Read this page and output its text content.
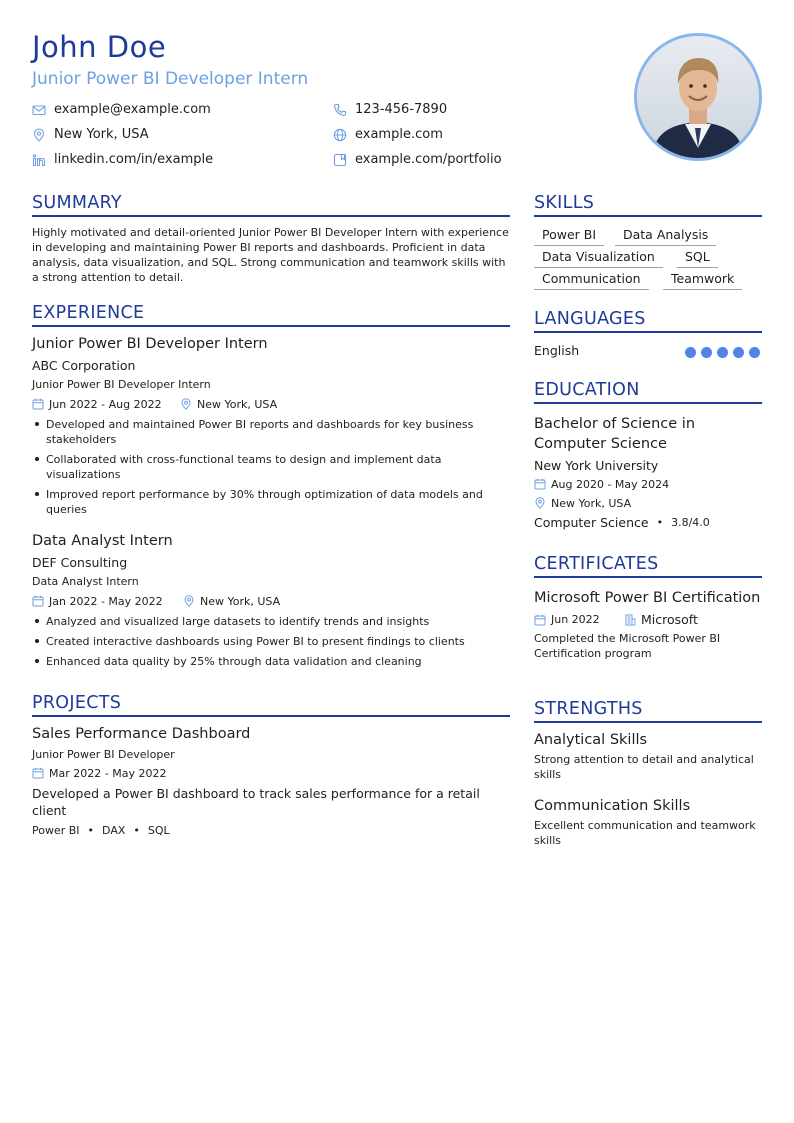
John Doe
Junior Power BI Developer Intern
example@example.com	123-456-7890
New York, USA	example.com
linkedin.com/in/example	example.com/portfolio
SUMMARY
Highly motivated and detail-oriented Junior Power BI Developer Intern with experience in developing and maintaining Power BI reports and dashboards. Proficient in data analysis, data visualization, and SQL. Strong communication and teamwork skills with a strong attention to detail.
EXPERIENCE
Junior Power BI Developer Intern
ABC Corporation
Junior Power BI Developer Intern
Jun 2022 - Aug 2022	New York, USA
Developed and maintained Power BI reports and dashboards for key business stakeholders
Collaborated with cross-functional teams to design and implement data visualizations
Improved report performance by 30% through optimization of data models and queries
Data Analyst Intern
DEF Consulting
Data Analyst Intern
Jan 2022 - May 2022	New York, USA
Analyzed and visualized large datasets to identify trends and insights
Created interactive dashboards using Power BI to present findings to clients
Enhanced data quality by 25% through data validation and cleaning
PROJECTS
Sales Performance Dashboard
Junior Power BI Developer
Mar 2022 - May 2022
Developed a Power BI dashboard to track sales performance for a retail client
Power BI • DAX • SQL
SKILLS
Power BI	Data Analysis
Data Visualization	SQL
Communication	Teamwork
LANGUAGES
English
EDUCATION
Bachelor of Science in Computer Science
New York University
Aug 2020 - May 2024
New York, USA
Computer Science • 3.8/4.0
CERTIFICATES
Microsoft Power BI Certification
Jun 2022	Microsoft
Completed the Microsoft Power BI Certification program
STRENGTHS
Analytical Skills
Strong attention to detail and analytical skills
Communication Skills
Excellent communication and teamwork skills
